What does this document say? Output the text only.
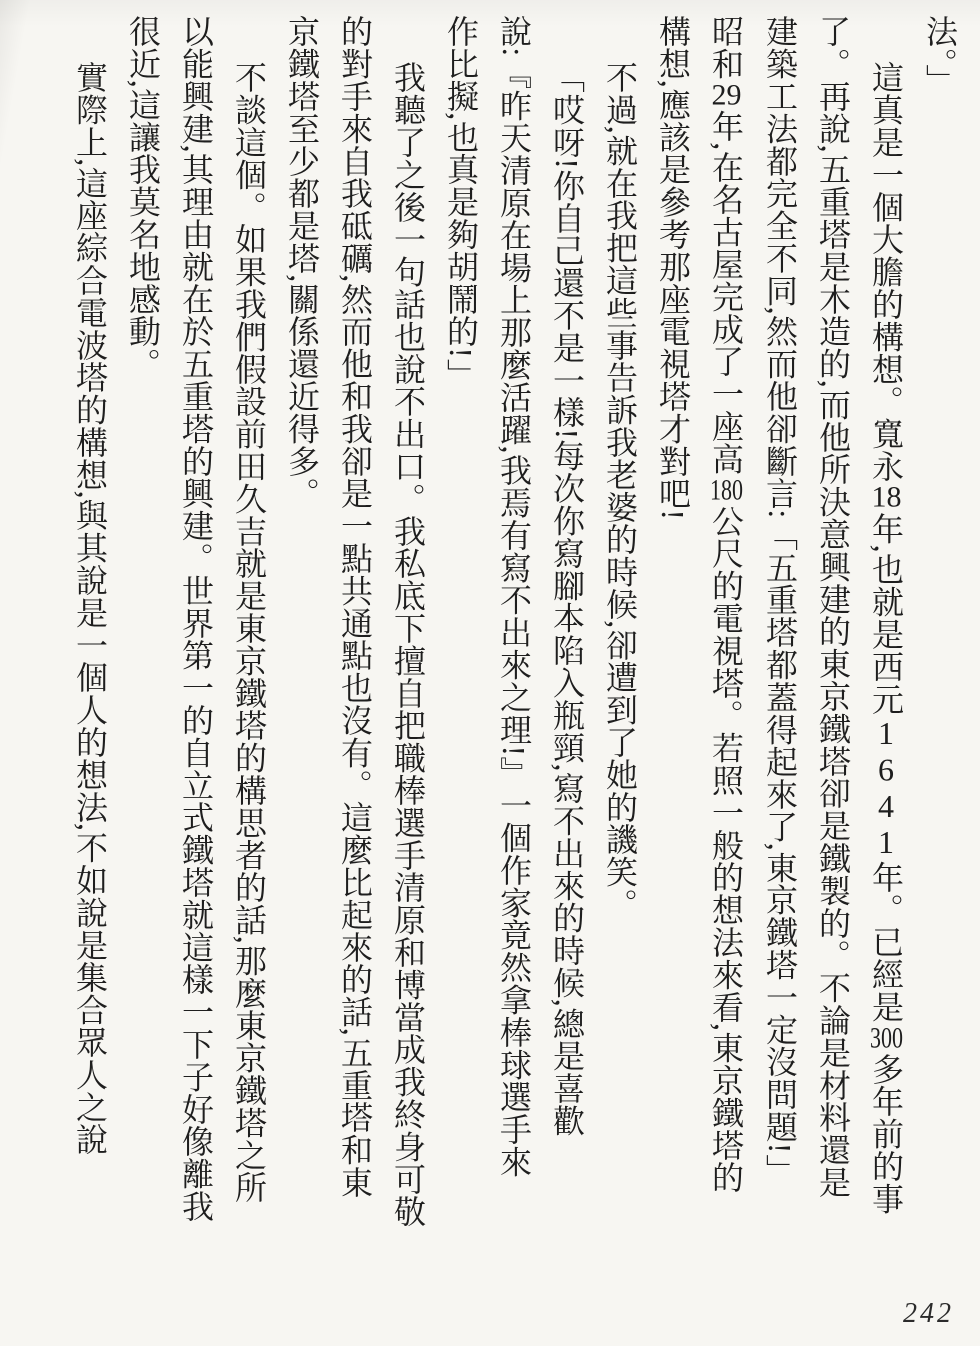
法。」
這真是一個大膽的構想。寬永18年,也就是西元1641年。已經是300多年前的事
了。再說,五重塔是木造的,而他所決意興建的東京鐵塔卻是鐵製的。不論是材料還是
建築工法都完全不同,然而他卻斷言:「五重塔都蓋得起來了,東京鐵塔一定沒問題!」
昭和29年,在名古屋完成了一座高180公尺的電視塔。若照一般的想法來看,東京鐵塔的
構想,應該是參考那座電視塔才對吧!
不過,就在我把這些事告訴我老婆的時候,卻遭到了她的譏笑。
「哎呀!你自己還不是一樣!每次你寫腳本陷入瓶頸,寫不出來的時候,總是喜歡
說:『昨天清原在場上那麼活躍,我焉有寫不出來之理!』一個作家竟然拿棒球選手來
作比擬,也真是夠胡鬧的!」
我聽了之後一句話也說不出口。我私底下擅自把職棒選手清原和博當成我終身可敬
的對手來自我砥礪,然而他和我卻是一點共通點也沒有。這麼比起來的話,五重塔和東
京鐵塔至少都是塔,關係還近得多。
不談這個。如果我們假設前田久吉就是東京鐵塔的構思者的話,那麼東京鐵塔之所
以能興建,其理由就在於五重塔的興建。世界第一的自立式鐵塔就這樣一下子好像離我
很近,這讓我莫名地感動。
實際上,這座綜合電波塔的構想,與其說是一個人的想法,不如說是集合眾人之說
242
